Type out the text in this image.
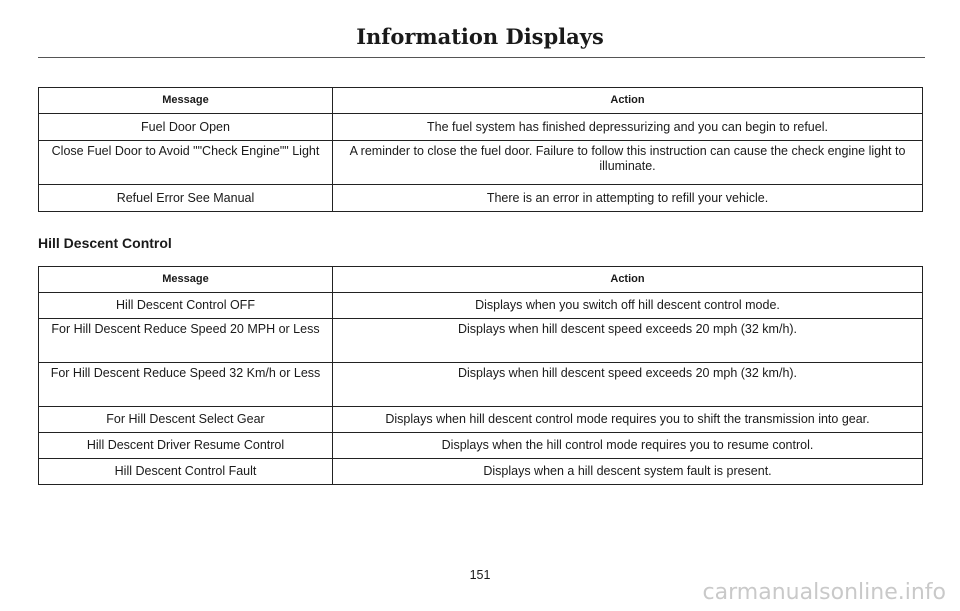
Information Displays
Message	Action
Fuel Door Open	The fuel system has finished depressurizing and you can begin to refuel.
Close Fuel Door to Avoid ""Check Engine"" Light	A reminder to close the fuel door. Failure to follow this instruction can cause the check engine light to illuminate.
Refuel Error See Manual	There is an error in attempting to refill your vehicle.
Hill Descent Control
Message	Action
Hill Descent Control OFF	Displays when you switch off hill descent control mode.
For Hill Descent Reduce Speed 20 MPH or Less	Displays when hill descent speed exceeds 20 mph (32 km/h).
For Hill Descent Reduce Speed 32 Km/h or Less	Displays when hill descent speed exceeds 20 mph (32 km/h).
For Hill Descent Select Gear	Displays when hill descent control mode requires you to shift the transmission into gear.
Hill Descent Driver Resume Control	Displays when the hill control mode requires you to resume control.
Hill Descent Control Fault	Displays when a hill descent system fault is present.
151
carmanualsonline.info
